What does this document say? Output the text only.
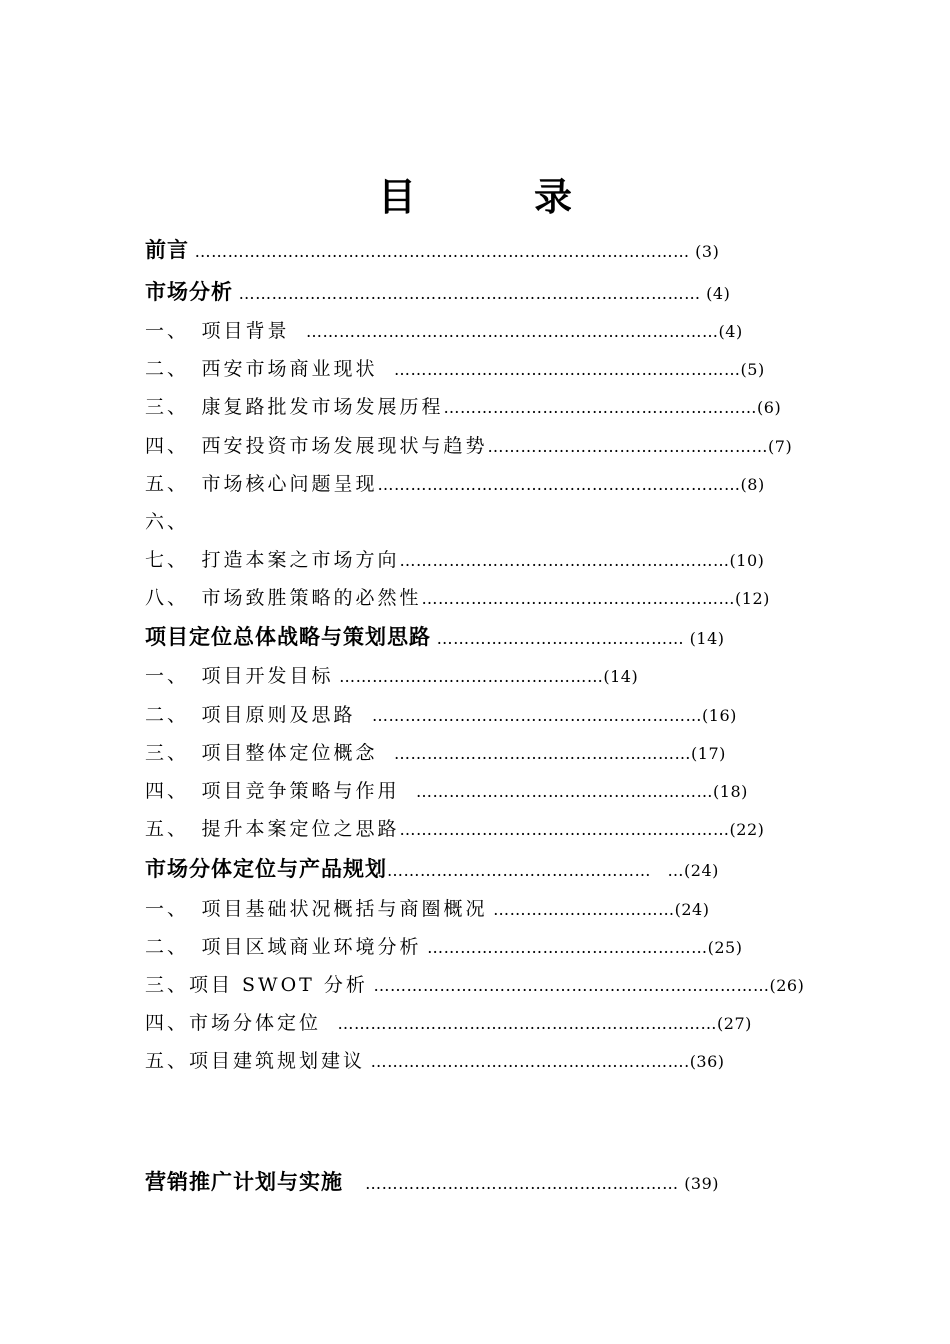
目　录
前言 ……………………………………………………………………………… (3)
市场分析 ………………………………………………………………………… (4)
一、　项目背景　…………………………………………………………………(4)
二、　西安市场商业现状　………………………………………………………(5)
三、　康复路批发市场发展历程…………………………………………………(6)
四、　西安投资市场发展现状与趋势……………………………………………(7)
五、　市场核心问题呈现…………………………………………………………(8)
六、
七、　打造本案之市场方向……………………………………………………(10)
八、　市场致胜策略的必然性…………………………………………………(12)
项目定位总体战略与策划思路 ……………………………………… (14)
一、　项目开发目标 ………………………….….….………(14)
二、　项目原则及思路　……………………………………………………(16)
三、　项目整体定位概念　………………………………………………(17)
四、　项目竞争策略与作用　………………………………………………(18)
五、　提升本案定位之思路……………………………………………………(22)
市场分体定位与产品规划…………………………………………　…(24)
一、　项目基础状况概括与商圈概况 ……………………………(24)
二、　项目区域商业环境分析 ……………………………………………(25)
三、项目 SWOT 分析 ………………………………………………………………(26)
四、市场分体定位　……………………………………………………………(27)
五、项目建筑规划建议 ………………………………………………….(36)
营销推广计划与实施　 ………………………………………………… (39)
